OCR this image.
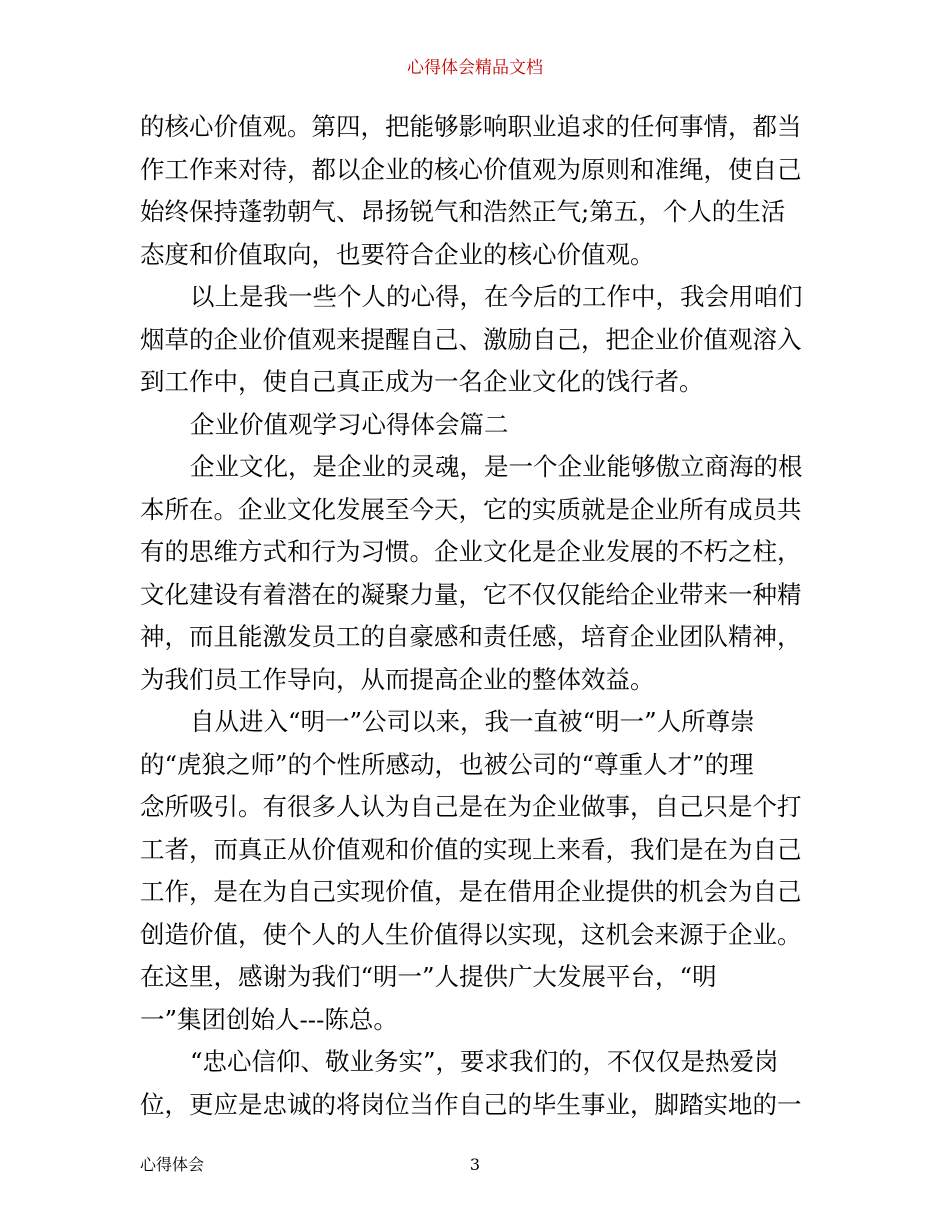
心得体会精品文档
的核心价值观。第四，把能够影响职业追求的任何事情，都当
作工作来对待，都以企业的核心价值观为原则和准绳，使自己
始终保持蓬勃朝气、昂扬锐气和浩然正气;第五，个人的生活
态度和价值取向，也要符合企业的核心价值观。
以上是我一些个人的心得，在今后的工作中，我会用咱们
烟草的企业价值观来提醒自己、激励自己，把企业价值观溶入
到工作中，使自己真正成为一名企业文化的饯行者。
企业价值观学习心得体会篇二
企业文化，是企业的灵魂，是一个企业能够傲立商海的根
本所在。企业文化发展至今天，它的实质就是企业所有成员共
有的思维方式和行为习惯。企业文化是企业发展的不朽之柱，
文化建设有着潜在的凝聚力量，它不仅仅能给企业带来一种精
神，而且能激发员工的自豪感和责任感，培育企业团队精神，
为我们员工作导向，从而提高企业的整体效益。
自从进入“明一”公司以来，我一直被“明一”人所尊崇
的“虎狼之师”的个性所感动，也被公司的“尊重人才”的理
念所吸引。有很多人认为自己是在为企业做事，自己只是个打
工者，而真正从价值观和价值的实现上来看，我们是在为自己
工作，是在为自己实现价值，是在借用企业提供的机会为自己
创造价值，使个人的人生价值得以实现，这机会来源于企业。
在这里，感谢为我们“明一”人提供广大发展平台，“明
一”集团创始人---陈总。
“忠心信仰、敬业务实”，要求我们的，不仅仅是热爱岗
位，更应是忠诚的将岗位当作自己的毕生事业，脚踏实地的一
心得体会	3
